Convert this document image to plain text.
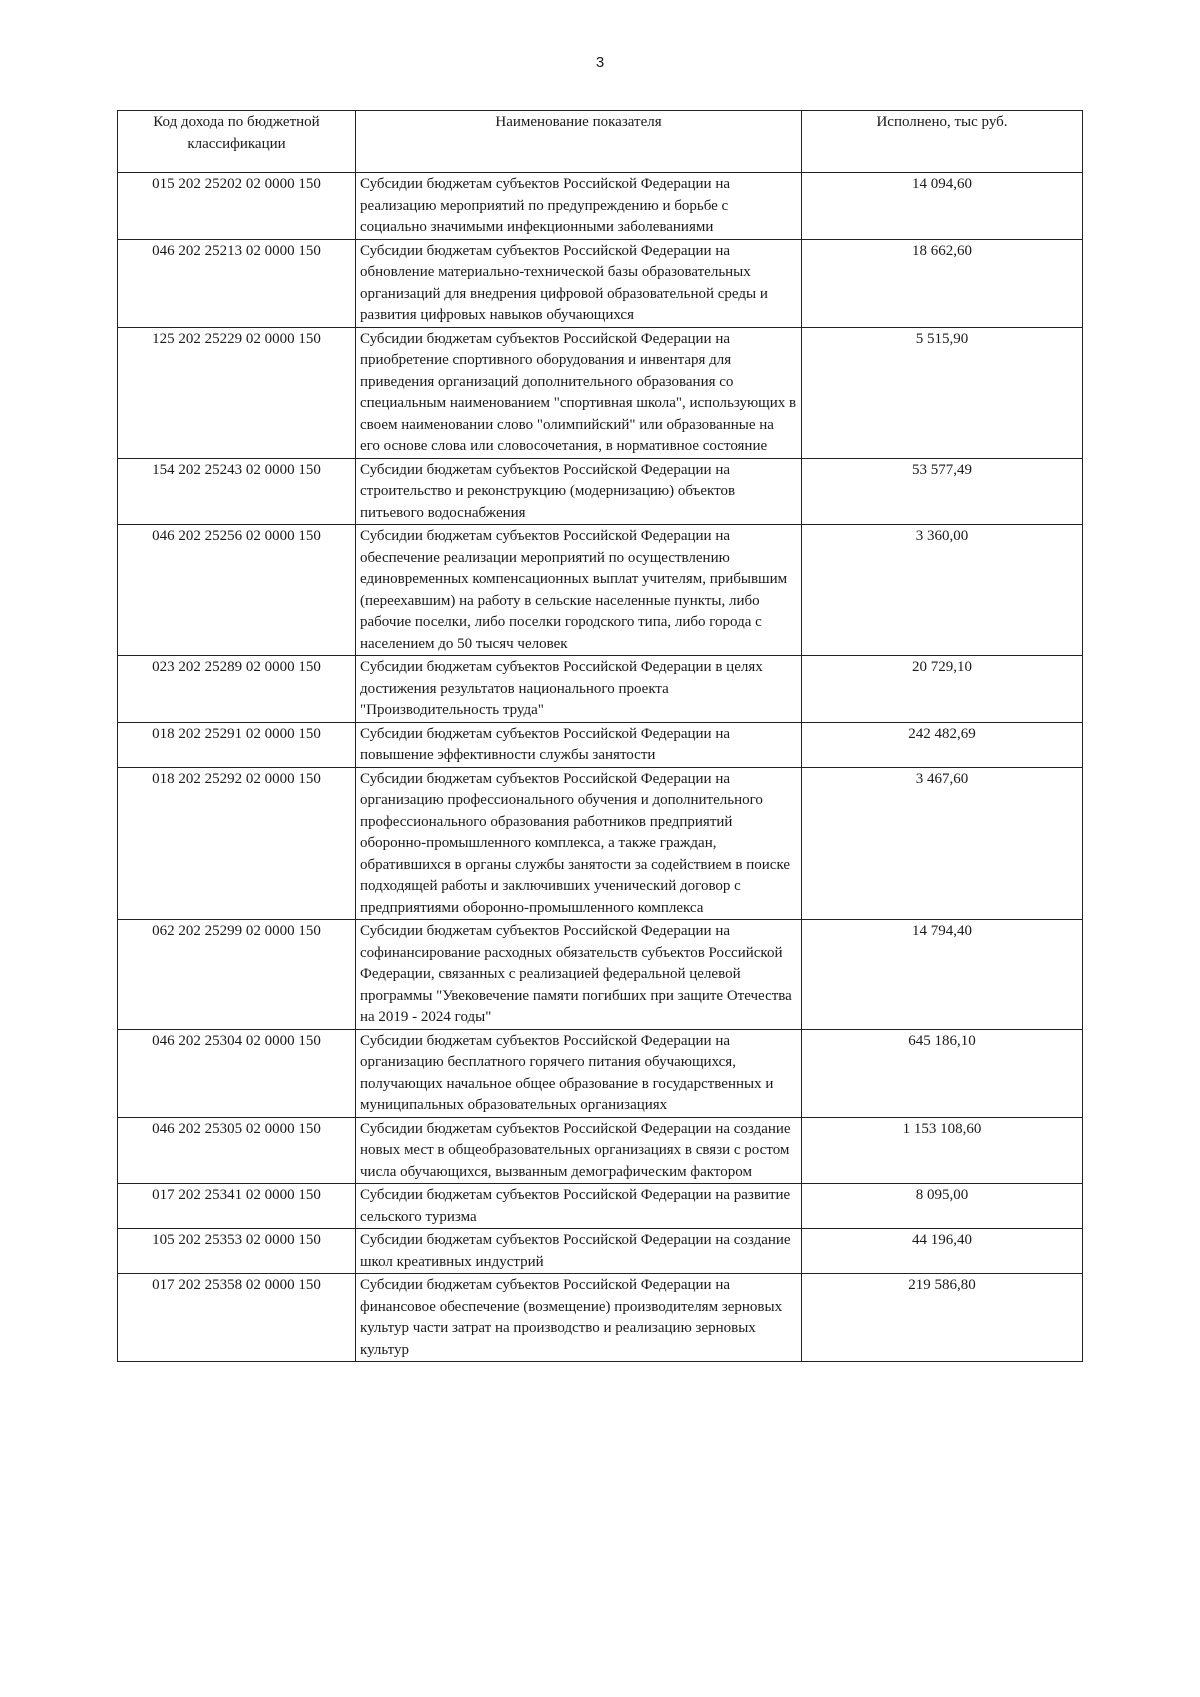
3
Код дохода по бюджетной классификации	Наименование показателя	Исполнено, тыс руб.
015 202 25202 02 0000 150	Субсидии бюджетам субъектов Российской Федерации на реализацию мероприятий по предупреждению и борьбе с социально значимыми инфекционными заболеваниями	14 094,60
046 202 25213 02 0000 150	Субсидии бюджетам субъектов Российской Федерации на обновление материально-технической базы образовательных организаций для внедрения цифровой образовательной среды и развития цифровых навыков обучающихся	18 662,60
125 202 25229 02 0000 150	Субсидии бюджетам субъектов Российской Федерации на приобретение спортивного оборудования и инвентаря для приведения организаций дополнительного образования со специальным наименованием "спортивная школа", использующих в своем наименовании слово "олимпийский" или образованные на его основе слова или словосочетания, в нормативное состояние	5 515,90
154 202 25243 02 0000 150	Субсидии бюджетам субъектов Российской Федерации на строительство и реконструкцию (модернизацию) объектов питьевого водоснабжения	53 577,49
046 202 25256 02 0000 150	Субсидии бюджетам субъектов Российской Федерации на обеспечение реализации мероприятий по осуществлению единовременных компенсационных выплат учителям, прибывшим (переехавшим) на работу в сельские населенные пункты, либо рабочие поселки, либо поселки городского типа, либо города с населением до 50 тысяч человек	3 360,00
023 202 25289 02 0000 150	Субсидии бюджетам субъектов Российской Федерации в целях достижения результатов национального проекта "Производительность труда"	20 729,10
018 202 25291 02 0000 150	Субсидии бюджетам субъектов Российской Федерации на повышение эффективности службы занятости	242 482,69
018 202 25292 02 0000 150	Субсидии бюджетам субъектов Российской Федерации на организацию профессионального обучения и дополнительного профессионального образования работников предприятий оборонно-промышленного комплекса, а также граждан, обратившихся в органы службы занятости за содействием в поиске подходящей работы и заключивших ученический договор с предприятиями оборонно-промышленного комплекса	3 467,60
062 202 25299 02 0000 150	Субсидии бюджетам субъектов Российской Федерации на софинансирование расходных обязательств субъектов Российской Федерации, связанных с реализацией федеральной целевой программы "Увековечение памяти погибших при защите Отечества на 2019 - 2024 годы"	14 794,40
046 202 25304 02 0000 150	Субсидии бюджетам субъектов Российской Федерации на организацию бесплатного горячего питания обучающихся, получающих начальное общее образование в государственных и муниципальных образовательных организациях	645 186,10
046 202 25305 02 0000 150	Субсидии бюджетам субъектов Российской Федерации на создание новых мест в общеобразовательных организациях в связи с ростом числа обучающихся, вызванным демографическим фактором	1 153 108,60
017 202 25341 02 0000 150	Субсидии бюджетам субъектов Российской Федерации на развитие сельского туризма	8 095,00
105 202 25353 02 0000 150	Субсидии бюджетам субъектов Российской Федерации на создание школ креативных индустрий	44 196,40
017 202 25358 02 0000 150	Субсидии бюджетам субъектов Российской Федерации на финансовое обеспечение (возмещение) производителям зерновых культур части затрат на производство и реализацию зерновых культур	219 586,80
